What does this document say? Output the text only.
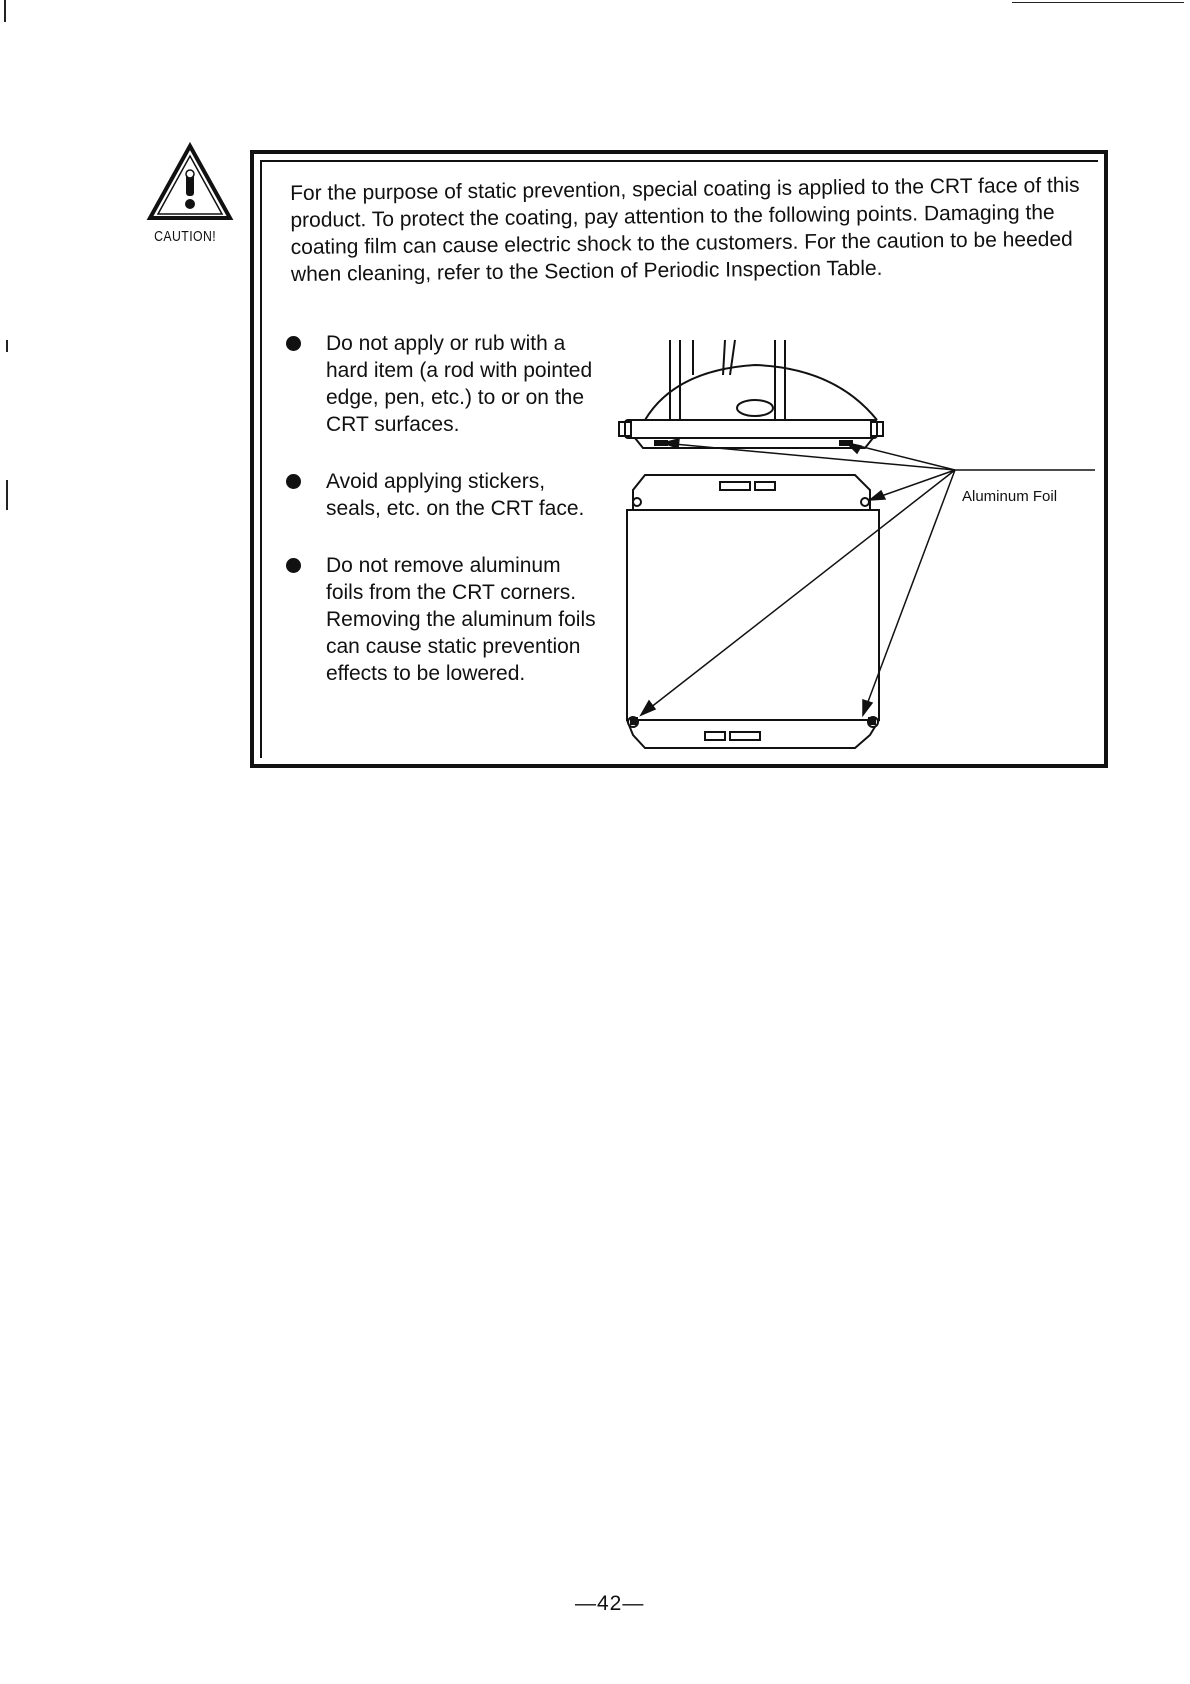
CAUTION!
For the purpose of static prevention, special coating is applied to the CRT face of this product. To protect the coating, pay attention to the following points. Damaging the coating film can cause electric shock to the customers. For the caution to be heeded when cleaning, refer to the Section of Periodic Inspection Table.
Do not apply or rub with a hard item (a rod with pointed edge, pen, etc.) to or on the CRT surfaces.
Avoid applying stickers, seals, etc. on the CRT face.
Do not remove aluminum foils from the CRT corners. Removing the aluminum foils can cause static prevention effects to be lowered.
Aluminum Foil
—42—
